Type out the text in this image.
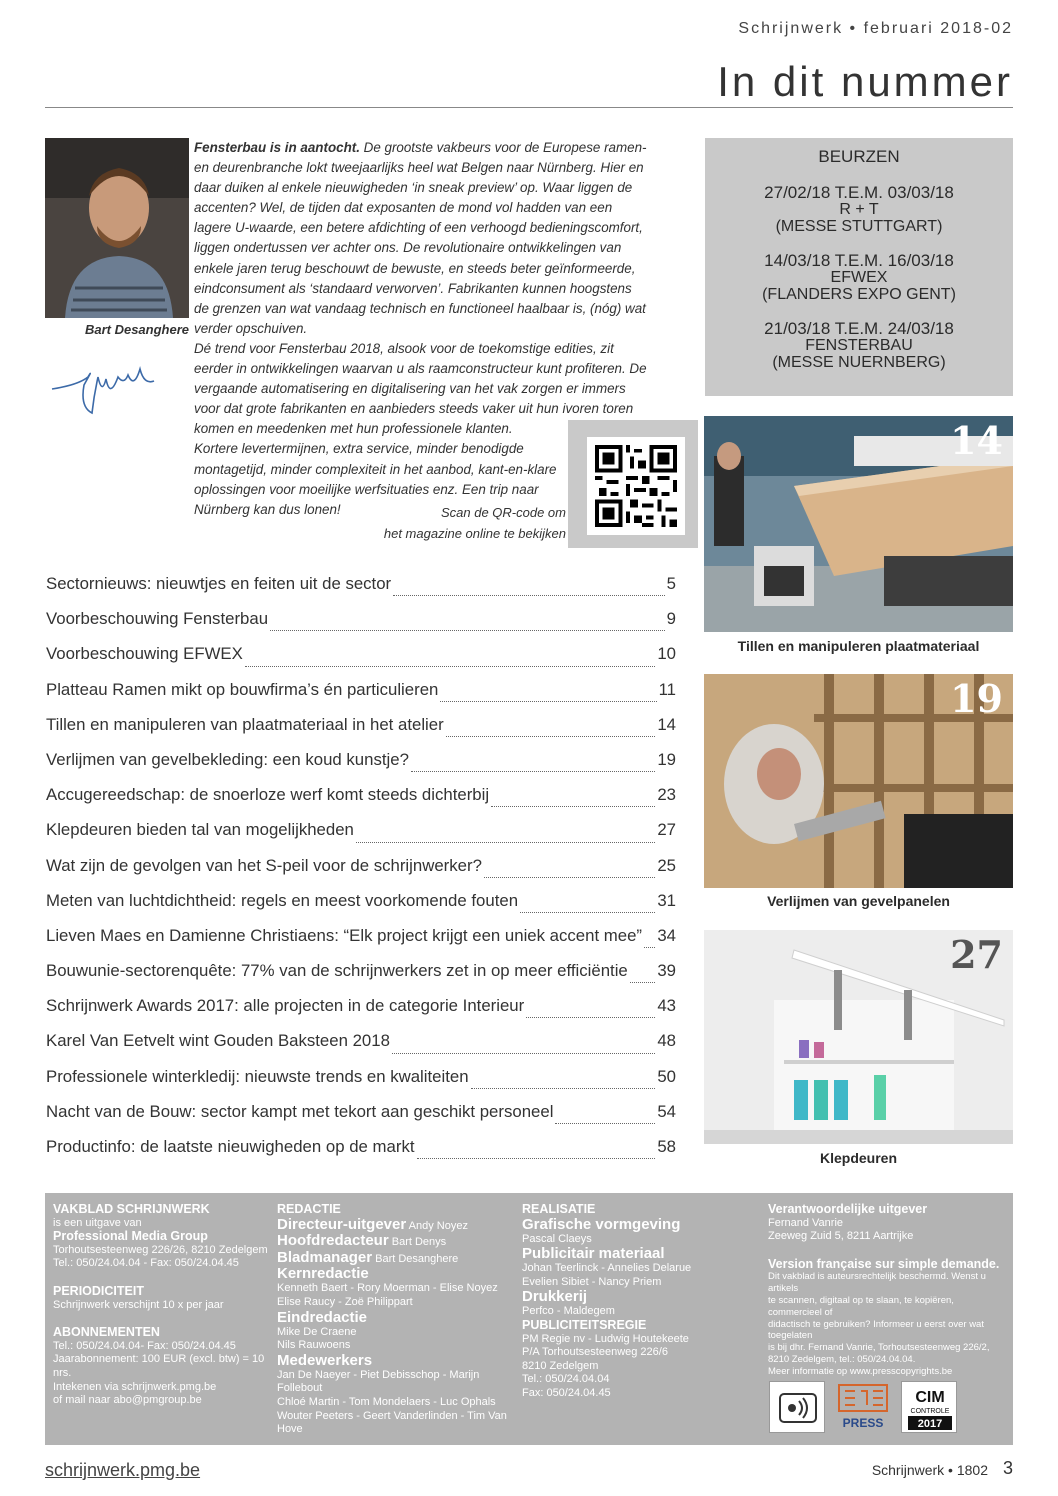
Schrijnwerk • februari 2018-02
In dit nummer
Bart Desanghere

Fensterbau is in aantocht. De grootste vakbeurs voor de Europese ramen- en deurenbranche lokt tweejaarlijks heel wat Belgen naar Nürnberg. Hier en daar duiken al enkele nieuwigheden ‘in sneak preview’ op. Waar liggen de accenten? Wel, de tijden dat exposanten de mond vol hadden van een lagere U-waarde, een betere afdichting of een verhoogd bedieningscomfort, liggen ondertussen ver achter ons. De revolutionaire ontwikkelingen van enkele jaren terug beschouwt de bewuste, en steeds beter geïnformeerde, eindconsument als ‘standaard verworven’. Fabrikanten kunnen hoogstens de grenzen van wat vandaag technisch en functioneel haalbaar is, (nóg) wat verder opschuiven.

Dé trend voor Fensterbau 2018, alsook voor de toekomstige edities, zit eerder in ontwikkelingen waarvan u als raamconstructeur kunt profiteren. De vergaande automatisering en digitalisering van het vak zorgen er immers voor dat grote fabrikanten en aanbieders steeds vaker uit hun ivoren toren komen en meedenken met hun professionele klanten.

Kortere levertermijnen, extra service, minder benodigde montagetijd, minder complexiteit in het aanbod, kant-en-klare oplossingen voor moeilijke werfsituaties enz. Een trip naar Nürnberg kan dus lonen!	Scan de QR-code om
het magazine online te bekijken
BEURZEN
27/02/18 T.E.M. 03/03/18
R + T
(MESSE STUTTGART)
14/03/18 T.E.M. 16/03/18
EFWEX
(FLANDERS EXPO GENT)
21/03/18 T.E.M. 24/03/18
FENSTERBAU
(MESSE NUERNBERG)
14
Tillen en manipuleren plaatmateriaal
19
Verlijmen van gevelpanelen
27
Klepdeuren
Sectornieuws: nieuwtjes en feiten uit de sector	5
Voorbeschouwing Fensterbau	9
Voorbeschouwing EFWEX	10
Platteau Ramen mikt op bouwfirma’s én particulieren	11
Tillen en manipuleren van plaatmateriaal in het atelier	14
Verlijmen van gevelbekleding: een koud kunstje?	19
Accugereedschap: de snoerloze werf komt steeds dichterbij	23
Klepdeuren bieden tal van mogelijkheden	27
Wat zijn de gevolgen van het S-peil voor de schrijnwerker?	25
Meten van luchtdichtheid: regels en meest voorkomende fouten	31
Lieven Maes en Damienne Christiaens: “Elk project krijgt een uniek accent mee” 34
Bouwunie-sectorenquête: 77% van de schrijnwerkers zet in op meer efficiëntie 39
Schrijnwerk Awards 2017: alle projecten in de categorie Interieur	43
Karel Van Eetvelt wint Gouden Baksteen 2018	48
Professionele winterkledij: nieuwste trends en kwaliteiten	50
Nacht van de Bouw: sector kampt met tekort aan geschikt personeel	54
Productinfo: de laatste nieuwigheden op de markt	58
VAKBLAD SCHRIJNWERK
is een uitgave van
Professional Media Group
Torhoutsesteenweg 226/26, 8210 Zedelgem
Tel.: 050/24.04.04 - Fax: 050/24.04.45
PERIODICITEIT
Schrijnwerk verschijnt 10 x per jaar
ABONNEMENTEN
Tel.: 050/24.04.04- Fax: 050/24.04.45
Jaarabonnement: 100 EUR (excl. btw) = 10 nrs.
Intekenen via schrijnwerk.pmg.be
of mail naar abo@pmgroup.be
REDACTIE
Directeur-uitgever Andy Noyez
Hoofdredacteur Bart Denys
Bladmanager Bart Desanghere
Kernredactie
Kenneth Baert - Rory Moerman - Elise Noyez
Elise Raucy - Zoë Philippart
Eindredactie
Mike De Craene
Nils Rauwoens
Medewerkers
Jan De Naeyer - Piet Debisschop - Marijn Follebout
Chloé Martin - Tom Mondelaers - Luc Ophals
Wouter Peeters - Geert Vanderlinden - Tim Van Hove
REALISATIE
Grafische vormgeving
Pascal Claeys
Publicitair materiaal
Johan Teerlinck - Annelies Delarue
Evelien Sibiet - Nancy Priem
Drukkerij
Perfco - Maldegem
PUBLICITEITSREGIE
PM Regie nv - Ludwig Houtekeete
P/A Torhoutsesteenweg 226/6
8210 Zedelgem
Tel.: 050/24.04.04
Fax: 050/24.04.45
Verantwoordelijke uitgever
Fernand Vanrie
Zeeweg Zuid 5, 8211 Aartrijke
Version française sur simple demande.
Dit vakblad is auteursrechtelijk beschermd. Wenst u artikels
te scannen, digitaal op te slaan, te kopiëren, commercieel of
didactisch te gebruiken? Informeer u eerst over wat toegelaten
is bij dhr. Fernand Vanrie, Torhoutsesteenweg 226/2,
8210 Zedelgem, tel.: 050/24.04.04.
Meer informatie op www.presscopyrights.be
PRESS
CIM
CONTROLE
2017
schrijnwerk.pmg.be	Schrijnwerk • 1802 3
